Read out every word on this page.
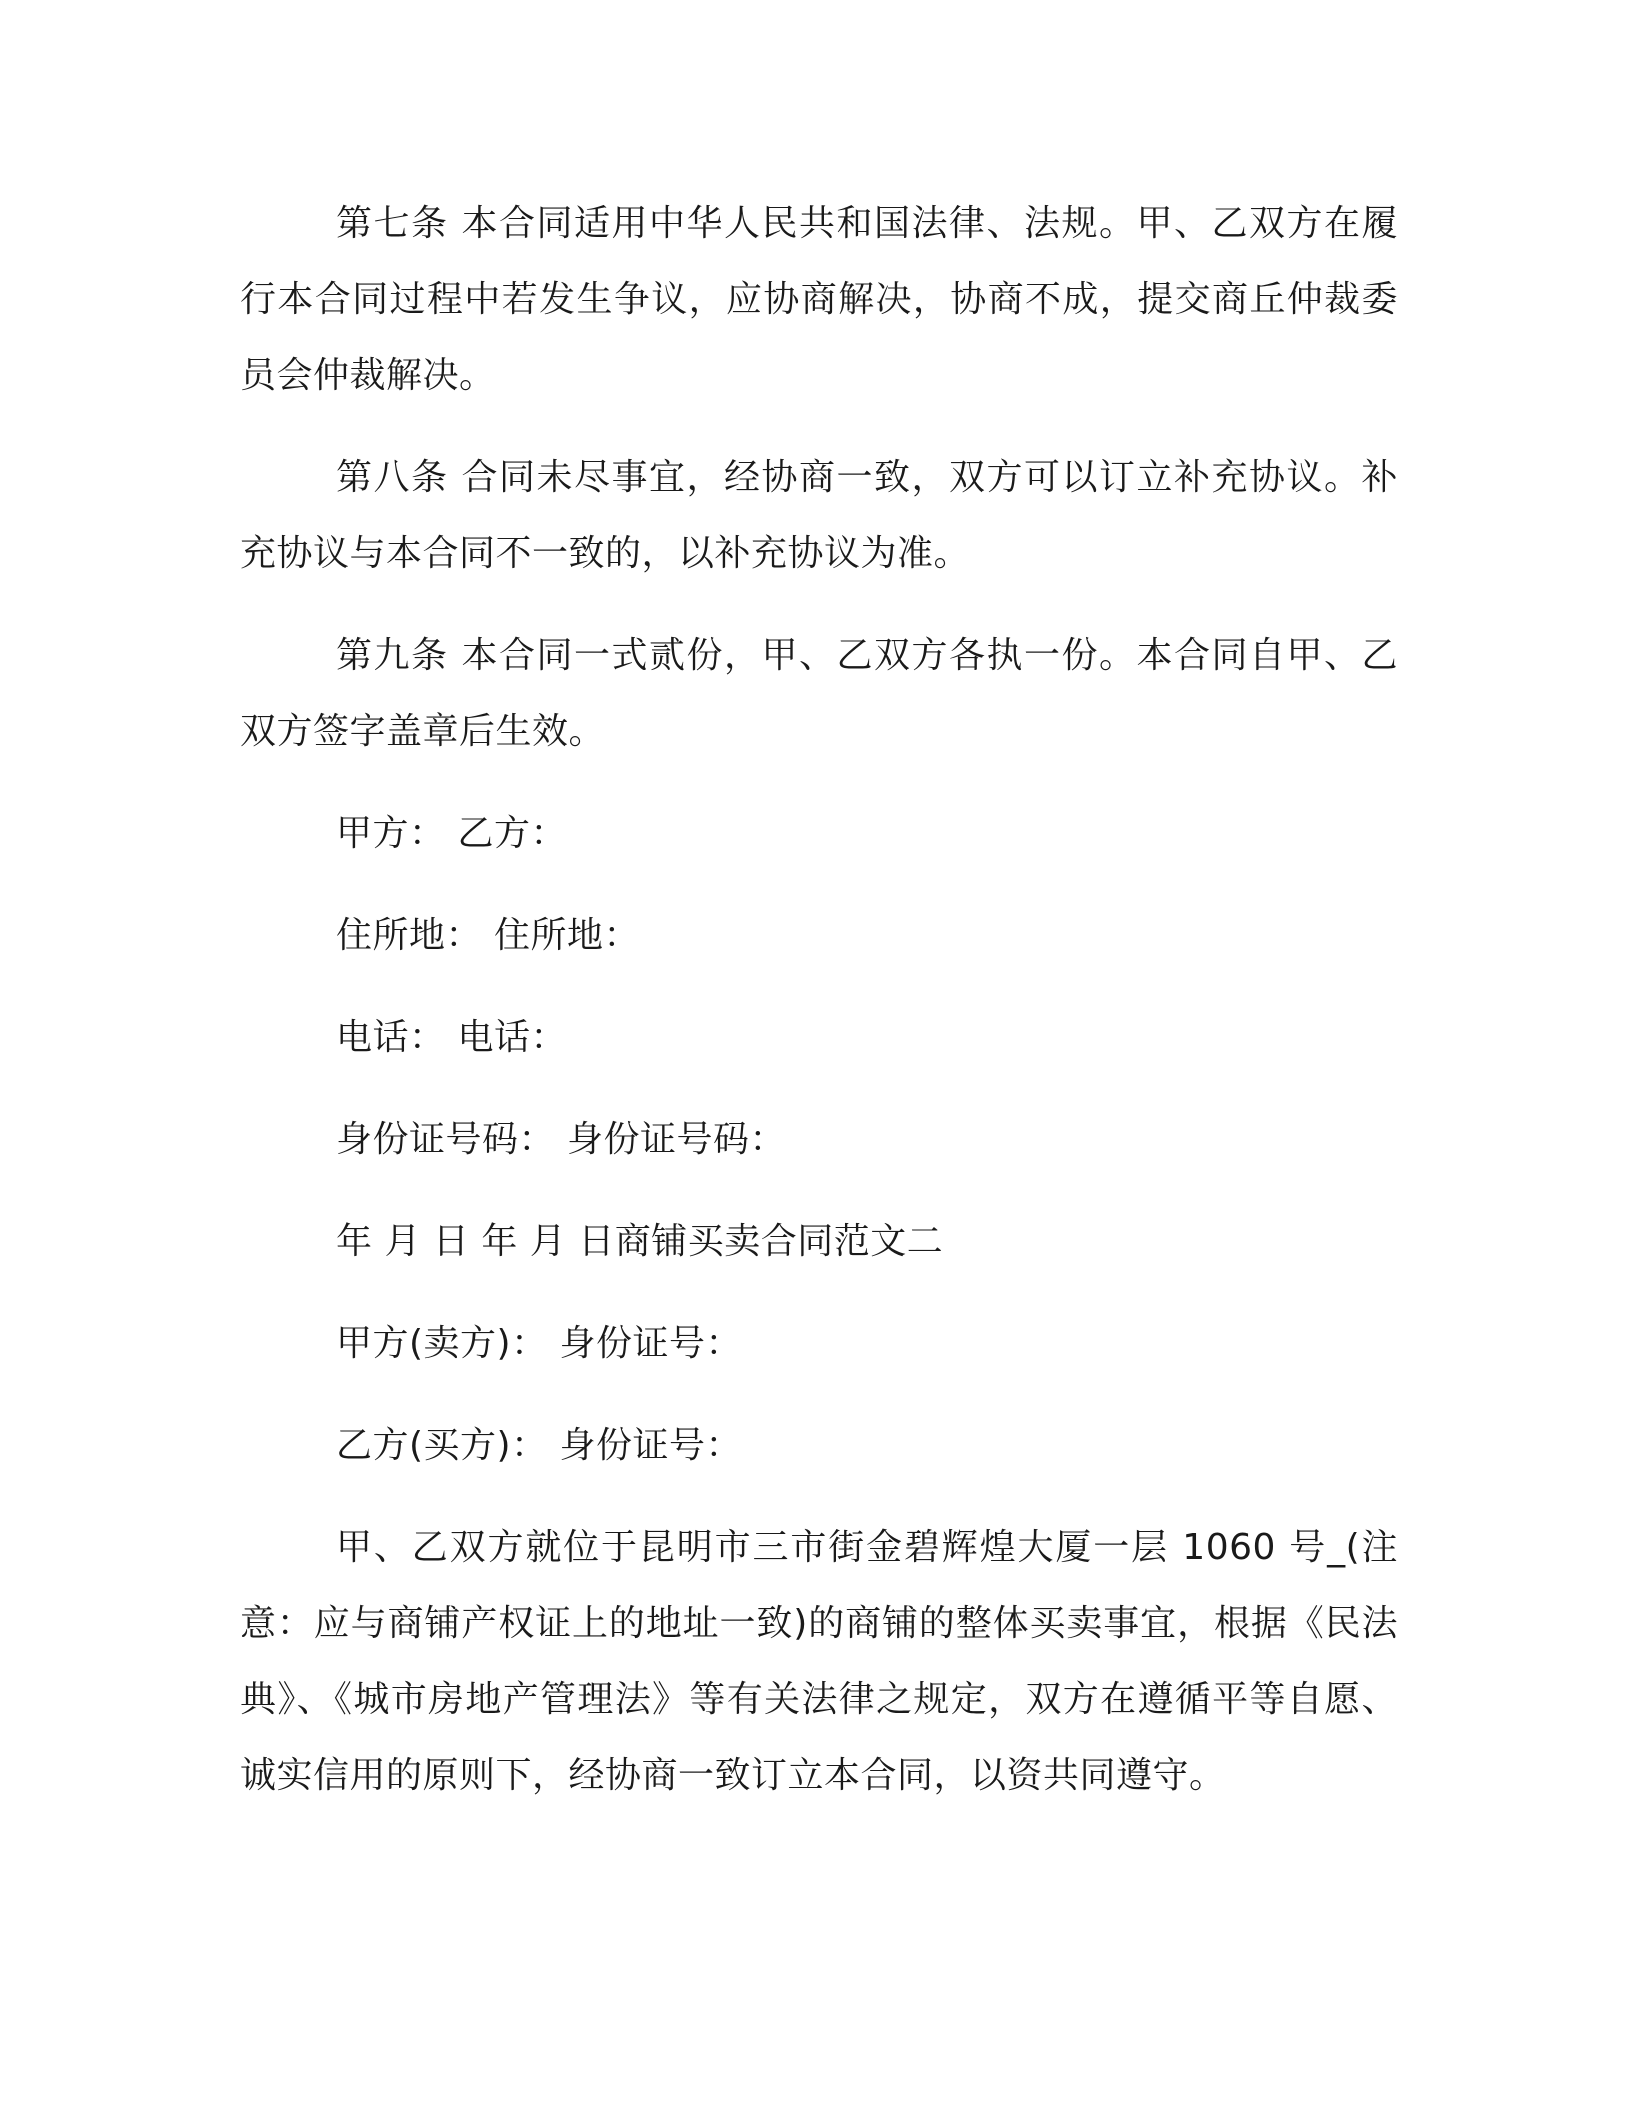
第七条 本合同适用中华人民共和国法律、法规。甲、乙双方在履行本合同过程中若发生争议，应协商解决，协商不成，提交商丘仲裁委员会仲裁解决。

第八条 合同未尽事宜，经协商一致，双方可以订立补充协议。补充协议与本合同不一致的，以补充协议为准。

第九条 本合同一式贰份，甲、乙双方各执一份。本合同自甲、乙双方签字盖章后生效。

甲方： 乙方：

住所地： 住所地：

电话： 电话：

身份证号码： 身份证号码：

年 月 日 年 月 日商铺买卖合同范文二

甲方(卖方)： 身份证号：

乙方(买方)： 身份证号：

甲、乙双方就位于昆明市三市街金碧辉煌大厦一层 1060 号_(注意：应与商铺产权证上的地址一致)的商铺的整体买卖事宜，根据《民法典》、《城市房地产管理法》等有关法律之规定，双方在遵循平等自愿、诚实信用的原则下，经协商一致订立本合同，以资共同遵守。
